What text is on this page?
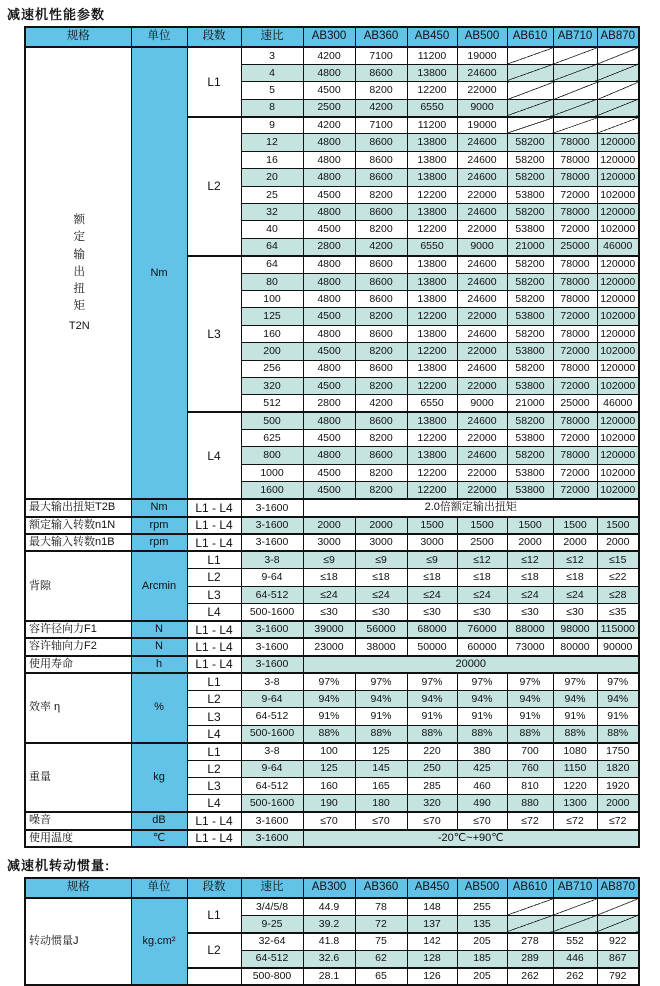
减速机性能参数
规格	单位	段数	速比	AB300	AB360	AB450	AB500	AB610	AB710	AB870

额
定
输
出
扭
矩
T2N
	Nm	L1	3	4200	7100	11200	19000			
			4	4800	8600	13800	24600			
			5	4500	8200	12200	22000			
			8	2500	4200	6550	9000			
		L2	9	4200	7100	11200	19000			
			12	4800	8600	13800	24600	58200	78000	120000
			16	4800	8600	13800	24600	58200	78000	120000
			20	4800	8600	13800	24600	58200	78000	120000
			25	4500	8200	12200	22000	53800	72000	102000
			32	4800	8600	13800	24600	58200	78000	120000
			40	4500	8200	12200	22000	53800	72000	102000
			64	2800	4200	6550	9000	21000	25000	46000
		L3	64	4800	8600	13800	24600	58200	78000	120000
			80	4800	8600	13800	24600	58200	78000	120000
			100	4800	8600	13800	24600	58200	78000	120000
			125	4500	8200	12200	22000	53800	72000	102000
			160	4800	8600	13800	24600	58200	78000	120000
			200	4500	8200	12200	22000	53800	72000	102000
			256	4800	8600	13800	24600	58200	78000	120000
			320	4500	8200	12200	22000	53800	72000	102000
			512	2800	4200	6550	9000	21000	25000	46000
		L4	500	4800	8600	13800	24600	58200	78000	120000
			625	4500	8200	12200	22000	53800	72000	102000
			800	4800	8600	13800	24600	58200	78000	120000
			1000	4500	8200	12200	22000	53800	72000	102000
			1600	4500	8200	12200	22000	53800	72000	102000
最大输出扭矩T2B	Nm	L1 - L4	3-1600	2.0倍额定输出扭矩						
额定输入转数n1N	rpm	L1 - L4	3-1600	2000	2000	1500	1500	1500	1500	1500
最大输入转数n1B	rpm	L1 - L4	3-1600	3000	3000	3000	2500	2000	2000	2000
背隙	Arcmin	L1	3-8	≤9	≤9	≤9	≤12	≤12	≤12	≤15
		L2	9-64	≤18	≤18	≤18	≤18	≤18	≤18	≤22
		L3	64-512	≤24	≤24	≤24	≤24	≤24	≤24	≤28
		L4	500-1600	≤30	≤30	≤30	≤30	≤30	≤30	≤35
容许径向力F1	N	L1 - L4	3-1600	39000	56000	68000	76000	88000	98000	115000
容许轴向力F2	N	L1 - L4	3-1600	23000	38000	50000	60000	73000	80000	90000
使用寿命	h	L1 - L4	3-1600	20000						
效率 η	%	L1	3-8	97%	97%	97%	97%	97%	97%	97%
		L2	9-64	94%	94%	94%	94%	94%	94%	94%
		L3	64-512	91%	91%	91%	91%	91%	91%	91%
		L4	500-1600	88%	88%	88%	88%	88%	88%	88%
重量	kg	L1	3-8	100	125	220	380	700	1080	1750
		L2	9-64	125	145	250	425	760	1150	1820
		L3	64-512	160	165	285	460	810	1220	1920
		L4	500-1600	190	180	320	490	880	1300	2000
噪音	dB	L1 - L4	3-1600	≤70	≤70	≤70	≤70	≤72	≤72	≤72
使用温度	℃	L1 - L4	3-1600	-20℃~+90℃						
减速机转动惯量:
规格	单位	段数	速比	AB300	AB360	AB450	AB500	AB610	AB710	AB870
转动惯量J	kg.cm²	L1	3/4/5/8	44.9	78	148	255			
			9-25	39.2	72	137	135			
		L2	32-64	41.8	75	142	205	278	552	922
			64-512	32.6	62	128	185	289	446	867
			500-800	28.1	65	126	205	262	262	792
